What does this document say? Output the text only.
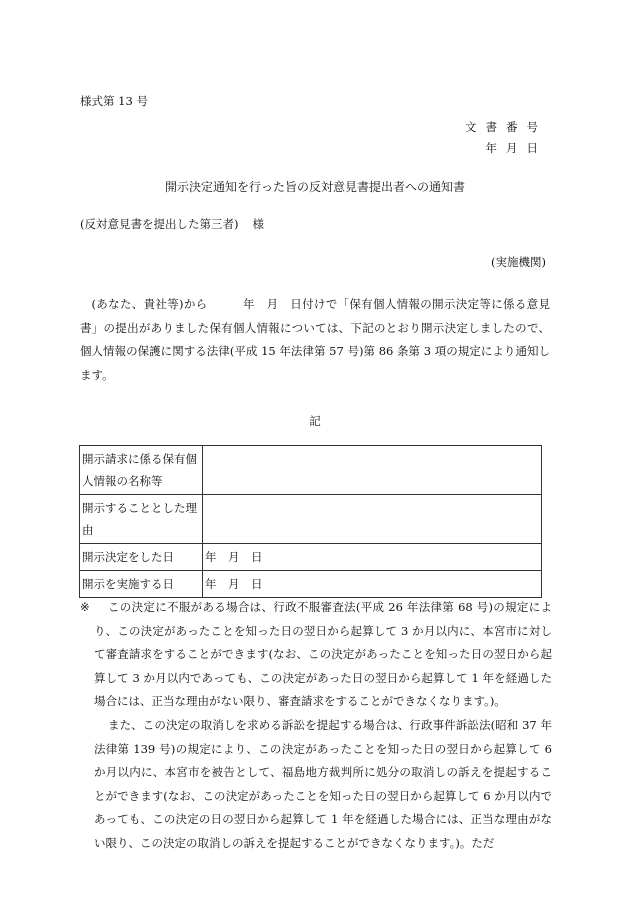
様式第 13 号
文書番号
年月日
開示決定通知を行った旨の反対意見書提出者への通知書
(反対意見書を提出した第三者) 様
(実施機関)
(あなた、貴社等)から　　　年　月　日付けで「保有個人情報の開示決定等に係る意見書」の提出がありました保有個人情報については、下記のとおり開示決定しましたので、個人情報の保護に関する法律(平成 15 年法律第 57 号)第 86 条第 3 項の規定により通知します。
記
開示請求に係る保有個人情報の名称等	
開示することとした理由	
開示決定をした日	年　月　日
開示を実施する日	年　月　日
※	この決定に不服がある場合は、行政不服審査法(平成 26 年法律第 68 号)の規定により、この決定があったことを知った日の翌日から起算して 3 か月以内に、本宮市に対して審査請求をすることができます(なお、この決定があったことを知った日の翌日から起算して 3 か月以内であっても、この決定があった日の翌日から起算して 1 年を経過した場合には、正当な理由がない限り、審査請求をすることができなくなります。)。
また、この決定の取消しを求める訴訟を提起する場合は、行政事件訴訟法(昭和 37 年法律第 139 号)の規定により、この決定があったことを知った日の翌日から起算して 6 か月以内に、本宮市を被告として、福島地方裁判所に処分の取消しの訴えを提起することができます(なお、この決定があったことを知った日の翌日から起算して 6 か月以内であっても、この決定の日の翌日から起算して 1 年を経過した場合には、正当な理由がない限り、この決定の取消しの訴えを提起することができなくなります。)。ただ
